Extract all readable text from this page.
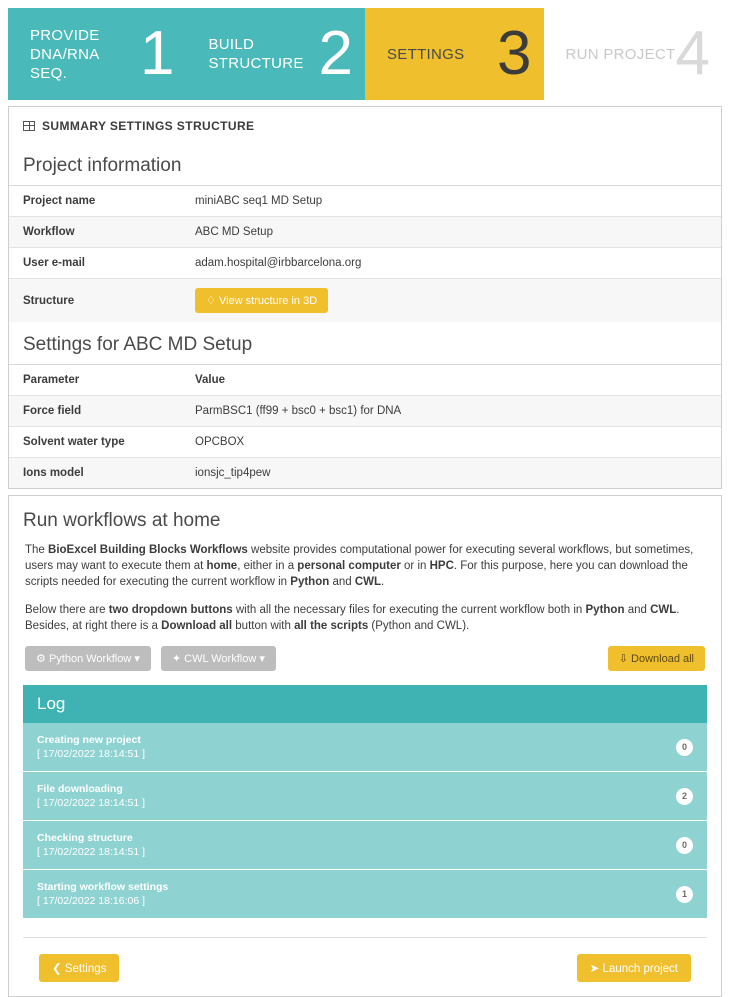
PROVIDE DNA/RNA SEQ.	1 BUILD STRUCTURE 2 SETTINGS 3 RUN PROJECT 4
SUMMARY SETTINGS STRUCTURE
Project information
Project name	miniABC seq1 MD Setup
Workflow	ABC MD Setup
User e-mail	adam.hospital@irbbarcelona.org
Structure	♢ View structure in 3D
Settings for ABC MD Setup
Parameter	Value
Force field	ParmBSC1 (ff99 + bsc0 + bsc1) for DNA
Solvent water type	OPCBOX
Ions model	ionsjc_tip4pew
Run workflows at home

The BioExcel Building Blocks Workflows website provides computational power for executing several workflows, but sometimes, users may want to execute them at home, either in a personal computer or in HPC. For this purpose, here you can download the scripts needed for executing the current workflow in Python and CWL.

Below there are two dropdown buttons with all the necessary files for executing the current workflow both in Python and CWL. Besides, at right there is a Download all button with all the scripts (Python and CWL).

⚙ Python Workflow ▾	✦ CWL Workflow ▾	⇩ Download all
Log
Creating new project
[ 17/02/2022 18:14:51 ]
0
File downloading
[ 17/02/2022 18:14:51 ]
2
Checking structure
[ 17/02/2022 18:14:51 ]
0
Starting workflow settings
[ 17/02/2022 18:16:06 ]
1
❮ Settings	➤ Launch project
